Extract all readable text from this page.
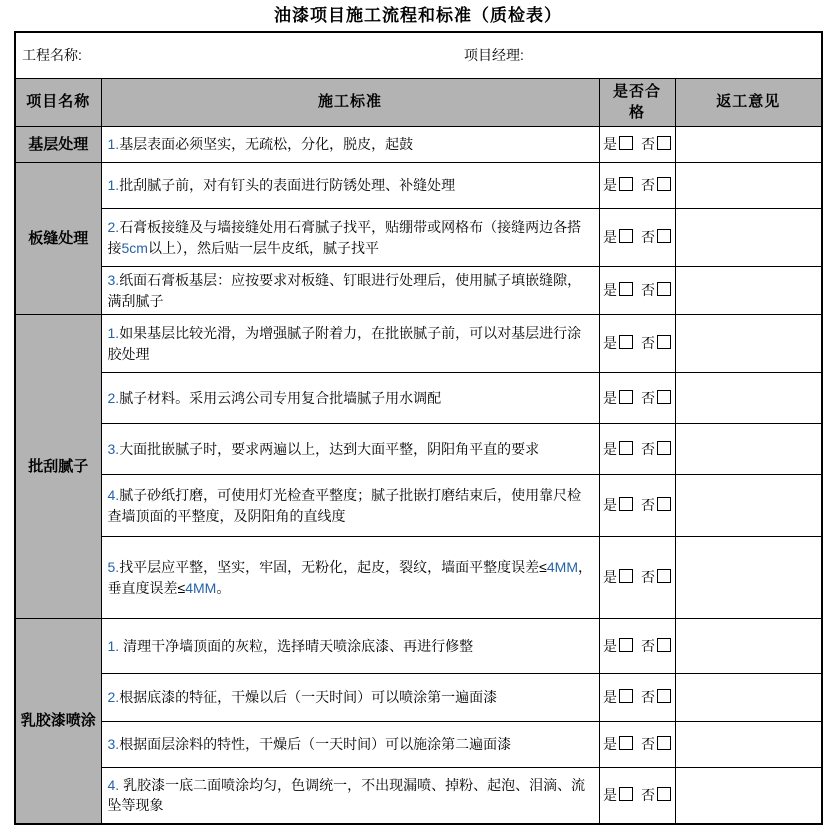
油漆项目施工流程和标准（质检表）
工程名称: 项目经理:			

项目名称	施工标准	是否合格	返工意见
基层处理	1.基层表面必须坚实，无疏松，分化，脱皮，起鼓	是 否	
板缝处理	1.批刮腻子前，对有钉头的表面进行防锈处理、补缝处理	是 否	
	2.石膏板接缝及与墙接缝处用石膏腻子找平，贴绷带或网格布（接缝两边各搭接5cm以上），然后贴一层牛皮纸，腻子找平	是 否	
	3.纸面石膏板基层：应按要求对板缝、钉眼进行处理后，使用腻子填嵌缝隙，满刮腻子	是 否	
批刮腻子	1.如果基层比较光滑，为增强腻子附着力，在批嵌腻子前，可以对基层进行涂胶处理	是 否	
	2.腻子材料。采用云鸿公司专用复合批墙腻子用水调配	是 否	
	3.大面批嵌腻子时，要求两遍以上，达到大面平整，阴阳角平直的要求	是 否	
	4.腻子砂纸打磨，可使用灯光检查平整度；腻子批嵌打磨结束后，使用靠尺检查墙顶面的平整度，及阴阳角的直线度	是 否	
	5.找平层应平整，坚实，牢固，无粉化，起皮，裂纹，墙面平整度误差≤4MM，垂直度误差≤4MM。	是 否	
乳胶漆喷涂	1. 清理干净墙顶面的灰粒，选择晴天喷涂底漆、再进行修整	是 否	
	2.根据底漆的特征，干燥以后（一天时间）可以喷涂第一遍面漆	是 否	
	3.根据面层涂料的特性，干燥后（一天时间）可以施涂第二遍面漆	是 否	
	4. 乳胶漆一底二面喷涂均匀，色调统一，不出现漏喷、掉粉、起泡、泪滴、流坠等现象	是 否	
